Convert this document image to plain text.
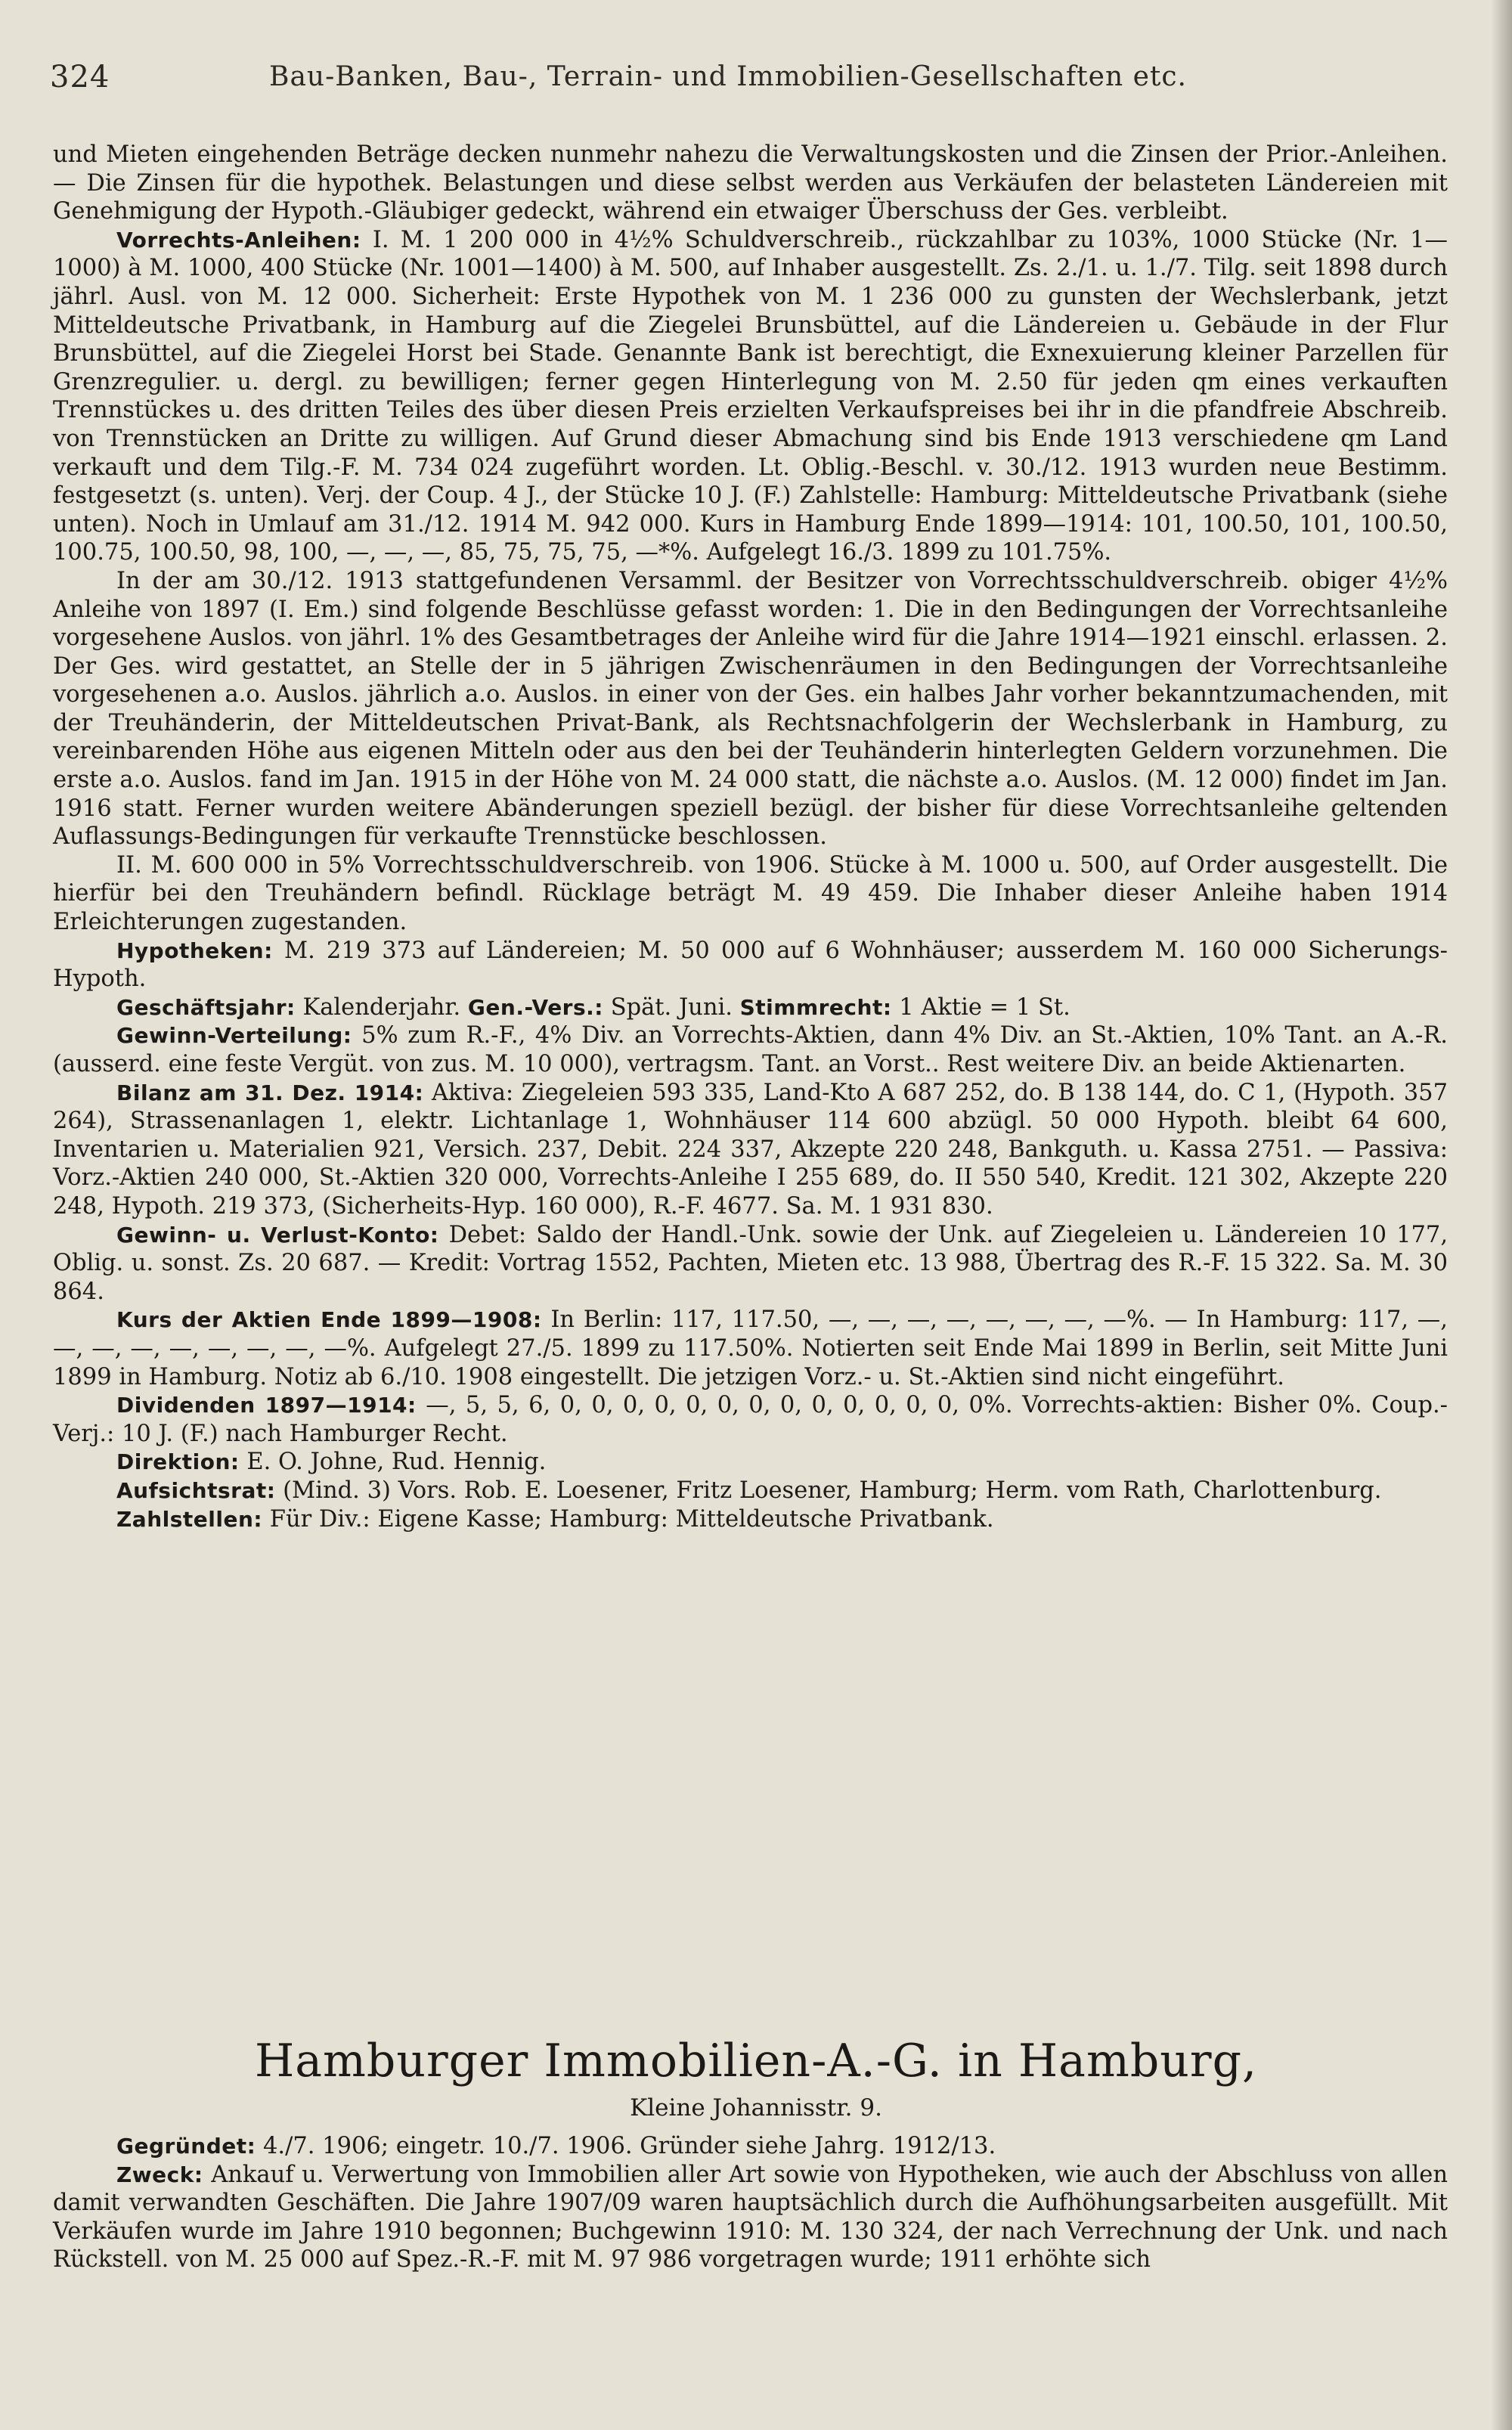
324	Bau-Banken, Bau-, Terrain- und Immobilien-Gesellschaften etc.

und Mieten eingehenden Beträge decken nunmehr nahezu die Verwaltungskosten und die Zinsen der Prior.-Anleihen. — Die Zinsen für die hypothek. Belastungen und diese selbst werden aus Verkäufen der belasteten Ländereien mit Genehmigung der Hypoth.-Gläubiger gedeckt, während ein etwaiger Überschuss der Ges. verbleibt.

Vorrechts-Anleihen: I. M. 1 200 000 in 4½% Schuldverschreib., rückzahlbar zu 103%, 1000 Stücke (Nr. 1—1000) à M. 1000, 400 Stücke (Nr. 1001—1400) à M. 500, auf Inhaber ausgestellt. Zs. 2./1. u. 1./7. Tilg. seit 1898 durch jährl. Ausl. von M. 12 000. Sicherheit: Erste Hypothek von M. 1 236 000 zu gunsten der Wechslerbank, jetzt Mitteldeutsche Privatbank, in Hamburg auf die Ziegelei Brunsbüttel, auf die Ländereien u. Gebäude in der Flur Brunsbüttel, auf die Ziegelei Horst bei Stade. Genannte Bank ist berechtigt, die Exnexuierung kleiner Parzellen für Grenzregulier. u. dergl. zu bewilligen; ferner gegen Hinterlegung von M. 2.50 für jeden qm eines verkauften Trennstückes u. des dritten Teiles des über diesen Preis erzielten Verkaufspreises bei ihr in die pfandfreie Abschreib. von Trennstücken an Dritte zu willigen. Auf Grund dieser Abmachung sind bis Ende 1913 verschiedene qm Land verkauft und dem Tilg.-F. M. 734 024 zugeführt worden. Lt. Oblig.-Beschl. v. 30./12. 1913 wurden neue Bestimm. festgesetzt (s. unten). Verj. der Coup. 4 J., der Stücke 10 J. (F.) Zahlstelle: Hamburg: Mitteldeutsche Privatbank (siehe unten). Noch in Umlauf am 31./12. 1914 M. 942 000. Kurs in Hamburg Ende 1899—1914: 101, 100.50, 101, 100.50, 100.75, 100.50, 98, 100, —, —, —, 85, 75, 75, 75, —*%. Aufgelegt 16./3. 1899 zu 101.75%.

In der am 30./12. 1913 stattgefundenen Versamml. der Besitzer von Vorrechtsschuldverschreib. obiger 4½% Anleihe von 1897 (I. Em.) sind folgende Beschlüsse gefasst worden: 1. Die in den Bedingungen der Vorrechtsanleihe vorgesehene Auslos. von jährl. 1% des Gesamtbetrages der Anleihe wird für die Jahre 1914—1921 einschl. erlassen. 2. Der Ges. wird gestattet, an Stelle der in 5 jährigen Zwischenräumen in den Bedingungen der Vorrechtsanleihe vorgesehenen a.o. Auslos. jährlich a.o. Auslos. in einer von der Ges. ein halbes Jahr vorher bekanntzumachenden, mit der Treuhänderin, der Mitteldeutschen Privat-Bank, als Rechtsnachfolgerin der Wechslerbank in Hamburg, zu vereinbarenden Höhe aus eigenen Mitteln oder aus den bei der Teuhänderin hinterlegten Geldern vorzunehmen. Die erste a.o. Auslos. fand im Jan. 1915 in der Höhe von M. 24 000 statt, die nächste a.o. Auslos. (M. 12 000) findet im Jan. 1916 statt. Ferner wurden weitere Abänderungen speziell bezügl. der bisher für diese Vorrechtsanleihe geltenden Auflassungs-Bedingungen für verkaufte Trennstücke beschlossen.

II. M. 600 000 in 5% Vorrechtsschuldverschreib. von 1906. Stücke à M. 1000 u. 500, auf Order ausgestellt. Die hierfür bei den Treuhändern befindl. Rücklage beträgt M. 49 459. Die Inhaber dieser Anleihe haben 1914 Erleichterungen zugestanden.

Hypotheken: M. 219 373 auf Ländereien; M. 50 000 auf 6 Wohnhäuser; ausserdem M. 160 000 Sicherungs-Hypoth.

Geschäftsjahr: Kalenderjahr. Gen.-Vers.: Spät. Juni. Stimmrecht: 1 Aktie = 1 St.

Gewinn-Verteilung: 5% zum R.-F., 4% Div. an Vorrechts-Aktien, dann 4% Div. an St.-Aktien, 10% Tant. an A.-R. (ausserd. eine feste Vergüt. von zus. M. 10 000), vertragsm. Tant. an Vorst.. Rest weitere Div. an beide Aktienarten.

Bilanz am 31. Dez. 1914: Aktiva: Ziegeleien 593 335, Land-Kto A 687 252, do. B 138 144, do. C 1, (Hypoth. 357 264), Strassenanlagen 1, elektr. Lichtanlage 1, Wohnhäuser 114 600 abzügl. 50 000 Hypoth. bleibt 64 600, Inventarien u. Materialien 921, Versich. 237, Debit. 224 337, Akzepte 220 248, Bankguth. u. Kassa 2751. — Passiva: Vorz.-Aktien 240 000, St.-Aktien 320 000, Vorrechts-Anleihe I 255 689, do. II 550 540, Kredit. 121 302, Akzepte 220 248, Hypoth. 219 373, (Sicherheits-Hyp. 160 000), R.-F. 4677. Sa. M. 1 931 830.

Gewinn- u. Verlust-Konto: Debet: Saldo der Handl.-Unk. sowie der Unk. auf Ziegeleien u. Ländereien 10 177, Oblig. u. sonst. Zs. 20 687. — Kredit: Vortrag 1552, Pachten, Mieten etc. 13 988, Übertrag des R.-F. 15 322. Sa. M. 30 864.

Kurs der Aktien Ende 1899—1908: In Berlin: 117, 117.50, —, —, —, —, —, —, —, —%. — In Hamburg: 117, —, —, —, —, —, —, —, —, —%. Aufgelegt 27./5. 1899 zu 117.50%. Notierten seit Ende Mai 1899 in Berlin, seit Mitte Juni 1899 in Hamburg. Notiz ab 6./10. 1908 eingestellt. Die jetzigen Vorz.- u. St.-Aktien sind nicht eingeführt.

Dividenden 1897—1914: —, 5, 5, 6, 0, 0, 0, 0, 0, 0, 0, 0, 0, 0, 0, 0, 0, 0%. Vorrechts-aktien: Bisher 0%. Coup.-Verj.: 10 J. (F.) nach Hamburger Recht.

Direktion: E. O. Johne, Rud. Hennig.

Aufsichtsrat: (Mind. 3) Vors. Rob. E. Loesener, Fritz Loesener, Hamburg; Herm. vom Rath, Charlottenburg.

Zahlstellen: Für Div.: Eigene Kasse; Hamburg: Mitteldeutsche Privatbank.

Hamburger Immobilien-A.-G. in Hamburg,
Kleine Johannisstr. 9.

Gegründet: 4./7. 1906; eingetr. 10./7. 1906. Gründer siehe Jahrg. 1912/13.

Zweck: Ankauf u. Verwertung von Immobilien aller Art sowie von Hypotheken, wie auch der Abschluss von allen damit verwandten Geschäften. Die Jahre 1907/09 waren hauptsächlich durch die Aufhöhungsarbeiten ausgefüllt. Mit Verkäufen wurde im Jahre 1910 begonnen; Buchgewinn 1910: M. 130 324, der nach Verrechnung der Unk. und nach Rückstell. von M. 25 000 auf Spez.-R.-F. mit M. 97 986 vorgetragen wurde; 1911 erhöhte sich
